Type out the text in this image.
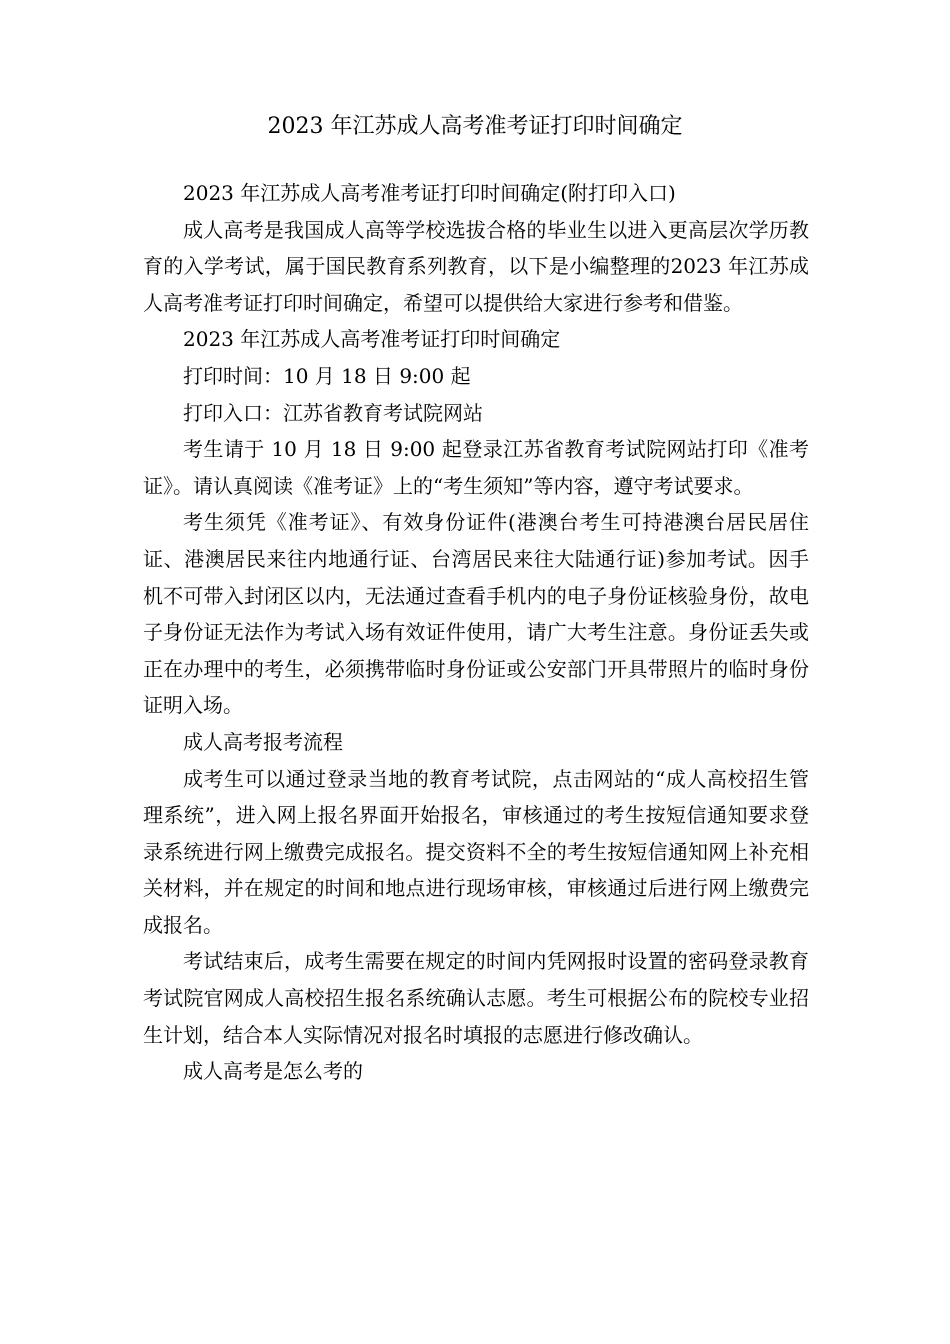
2023 年江苏成人高考准考证打印时间确定

2023 年江苏成人高考准考证打印时间确定(附打印入口)

成人高考是我国成人高等学校选拔合格的毕业生以进入更高层次学历教育的入学考试，属于国民教育系列教育，以下是小编整理的2023 年江苏成人高考准考证打印时间确定，希望可以提供给大家进行参考和借鉴。

2023 年江苏成人高考准考证打印时间确定

打印时间：10 月 18 日 9:00 起

打印入口：江苏省教育考试院网站

考生请于 10 月 18 日 9:00 起登录江苏省教育考试院网站打印《准考证》。请认真阅读《准考证》上的“考生须知”等内容，遵守考试要求。

考生须凭《准考证》、有效身份证件(港澳台考生可持港澳台居民居住证、港澳居民来往内地通行证、台湾居民来往大陆通行证)参加考试。因手机不可带入封闭区以内，无法通过查看手机内的电子身份证核验身份，故电子身份证无法作为考试入场有效证件使用，请广大考生注意。身份证丢失或正在办理中的考生，必须携带临时身份证或公安部门开具带照片的临时身份证明入场。

成人高考报考流程

成考生可以通过登录当地的教育考试院，点击网站的“成人高校招生管理系统”，进入网上报名界面开始报名，审核通过的考生按短信通知要求登录系统进行网上缴费完成报名。提交资料不全的考生按短信通知网上补充相关材料，并在规定的时间和地点进行现场审核，审核通过后进行网上缴费完成报名。

考试结束后，成考生需要在规定的时间内凭网报时设置的密码登录教育考试院官网成人高校招生报名系统确认志愿。考生可根据公布的院校专业招生计划，结合本人实际情况对报名时填报的志愿进行修改确认。

成人高考是怎么考的
